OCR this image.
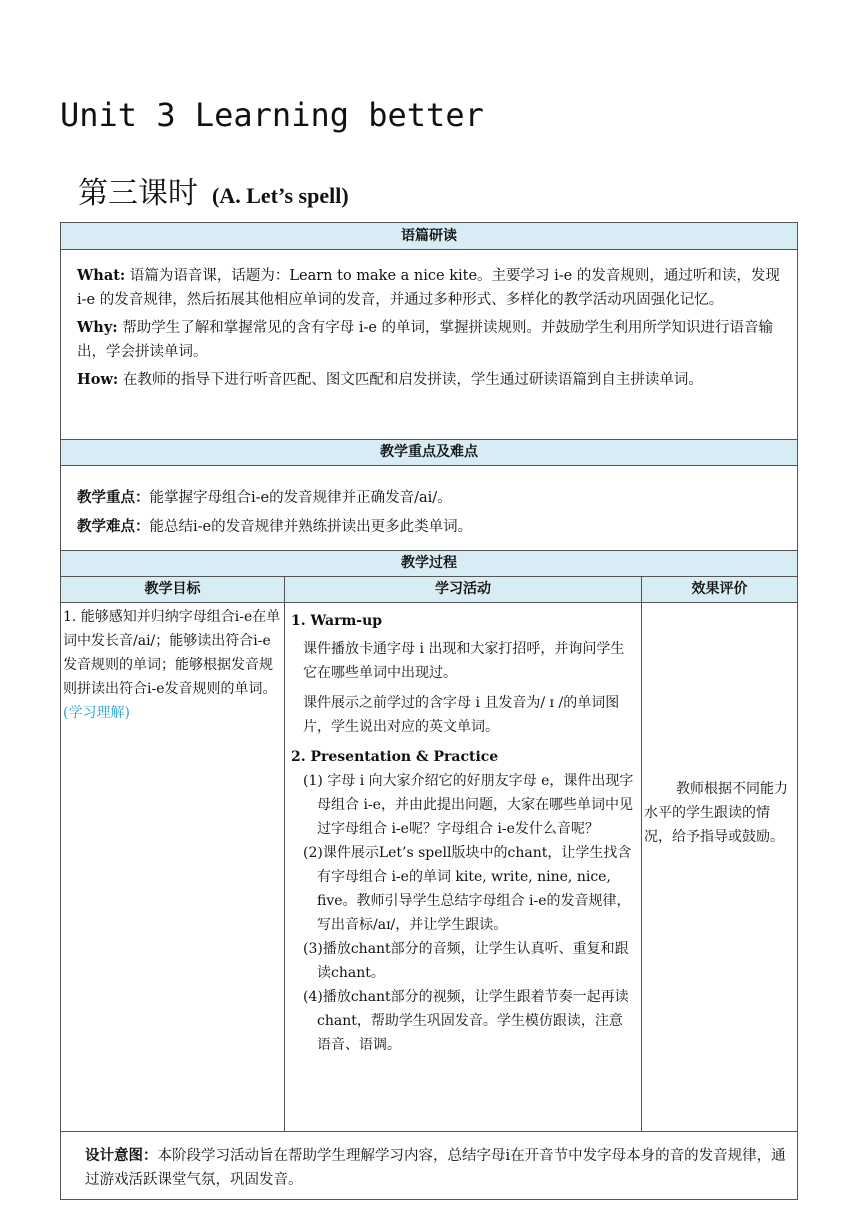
Unit 3 Learning better
第三课时 (A. Let’s spell)
语篇研读

What: 语篇为语音课，话题为：Learn to make a nice kite。主要学习 i-e 的发音规则，通过听和读，发现 i-e 的发音规律，然后拓展其他相应单词的发音，并通过多种形式、多样化的教学活动巩固强化记忆。

Why: 帮助学生了解和掌握常见的含有字母 i-e 的单词，掌握拼读规则。并鼓励学生利用所学知识进行语音输出，学会拼读单词。

How: 在教师的指导下进行听音匹配、图文匹配和启发拼读，学生通过研读语篇到自主拼读单词。

教学重点及难点

教学重点：能掌握字母组合i-e的发音规律并正确发音/ai/。

教学难点：能总结i-e的发音规律并熟练拼读出更多此类单词。

教学过程
教学目标
1. 能够感知并归纳字母组合i-e在单词中发长音/ai/；能够读出符合i-e发音规则的单词；能够根据发音规则拼读出符合i-e发音规则的单词。(学习理解)
学习活动

1. Warm-up

课件播放卡通字母 i 出现和大家打招呼，并询问学生它在哪些单词中出现过。

课件展示之前学过的含字母 i 且发音为/ ɪ /的单词图片，学生说出对应的英文单词。

2. Presentation & Practice

(1) 字母 i 向大家介绍它的好朋友字母 e，课件出现字母组合 i-e，并由此提出问题，大家在哪些单词中见过字母组合 i-e呢？字母组合 i-e发什么音呢？

(2)课件展示Let’s spell版块中的chant，让学生找含有字母组合 i-e的单词 kite, write, nine, nice, five。教师引导学生总结字母组合 i-e的发音规律，写出音标/aɪ/，并让学生跟读。

(3)播放chant部分的音频，让学生认真听、重复和跟读chant。

(4)播放chant部分的视频，让学生跟着节奏一起再读chant，帮助学生巩固发音。学生模仿跟读，注意语音、语调。

效果评价
教师根据不同能力水平的学生跟读的情况，给予指导或鼓励。

设计意图：本阶段学习活动旨在帮助学生理解学习内容，总结字母i在开音节中发字母本身的音的发音规律，通过游戏活跃课堂气氛，巩固发音。
